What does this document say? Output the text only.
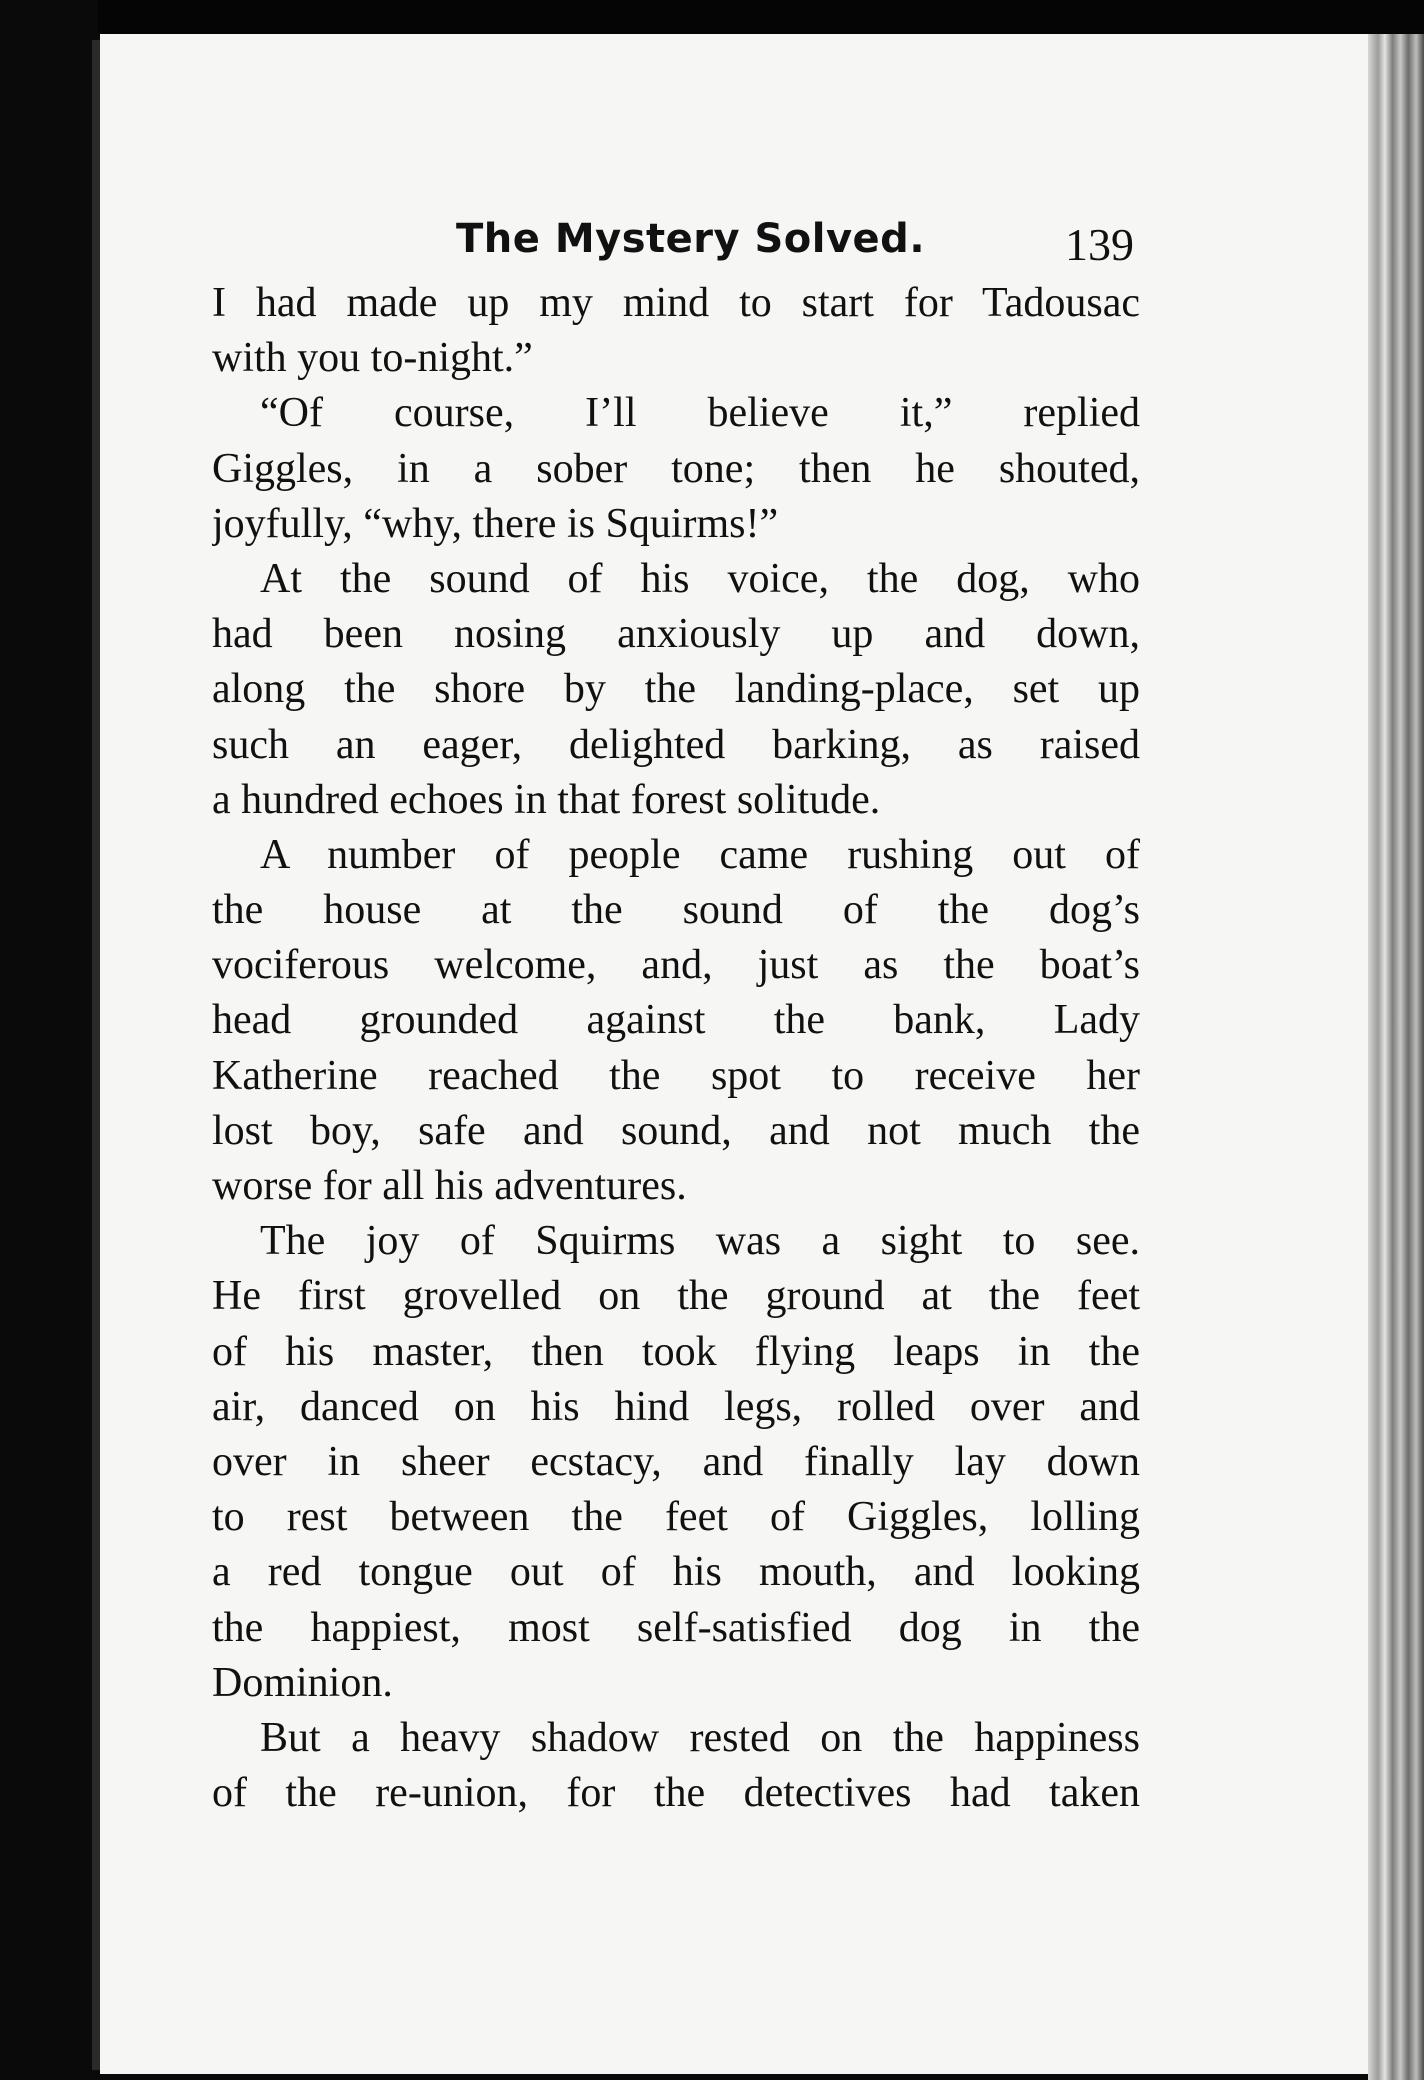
The Mystery Solved.	139
I had made up my mind to start for Tadousac
with you to-night.”
“Of course, I’ll believe it,” replied
Giggles, in a sober tone; then he shouted,
joyfully, “why, there is Squirms!”
At the sound of his voice, the dog, who
had been nosing anxiously up and down,
along the shore by the landing-place, set up
such an eager, delighted barking, as raised
a hundred echoes in that forest solitude.
A number of people came rushing out of
the house at the sound of the dog’s
vociferous welcome, and, just as the boat’s
head grounded against the bank, Lady
Katherine reached the spot to receive her
lost boy, safe and sound, and not much the
worse for all his adventures.
The joy of Squirms was a sight to see.
He first grovelled on the ground at the feet
of his master, then took flying leaps in the
air, danced on his hind legs, rolled over and
over in sheer ecstacy, and finally lay down
to rest between the feet of Giggles, lolling
a red tongue out of his mouth, and looking
the happiest, most self-satisfied dog in the
Dominion.
But a heavy shadow rested on the happiness
of the re-union, for the detectives had taken
